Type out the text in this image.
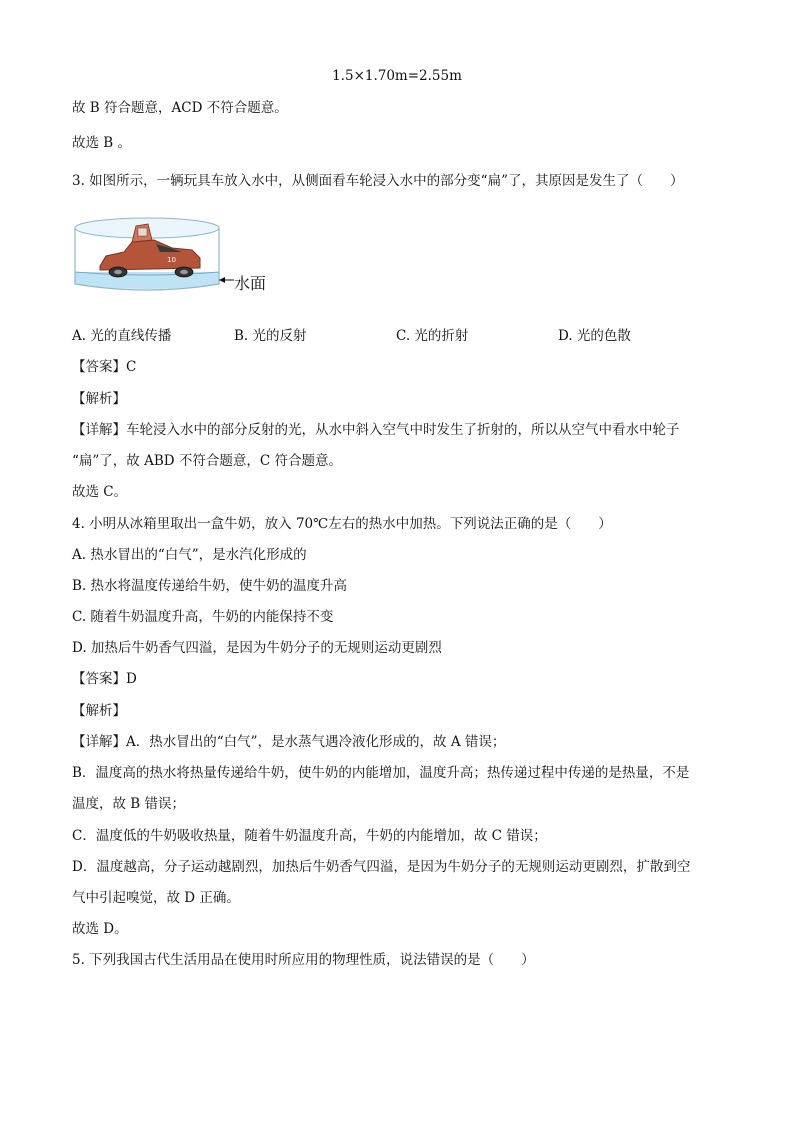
1.5×1.70m=2.55m
故 B 符合题意，ACD 不符合题意。
故选 B 。
3. 如图所示，一辆玩具车放入水中，从侧面看车轮浸入水中的部分变“扁”了，其原因是发生了（　　）
10
水面
A. 光的直线传播	B. 光的反射	C. 光的折射	D. 光的色散
【答案】C
【解析】
【详解】车轮浸入水中的部分反射的光，从水中斜入空气中时发生了折射的，所以从空气中看水中轮子
“扁”了，故 ABD 不符合题意，C 符合题意。
故选 C。
4. 小明从冰箱里取出一盒牛奶，放入 70℃左右的热水中加热。下列说法正确的是（　　）
A. 热水冒出的“白气”，是水汽化形成的
B. 热水将温度传递给牛奶，使牛奶的温度升高
C. 随着牛奶温度升高，牛奶的内能保持不变
D. 加热后牛奶香气四溢，是因为牛奶分子的无规则运动更剧烈
【答案】D
【解析】
【详解】A．热水冒出的“白气”，是水蒸气遇冷液化形成的，故 A 错误；
B．温度高的热水将热量传递给牛奶，使牛奶的内能增加，温度升高；热传递过程中传递的是热量，不是
温度，故 B 错误；
C．温度低的牛奶吸收热量，随着牛奶温度升高，牛奶的内能增加，故 C 错误；
D．温度越高，分子运动越剧烈，加热后牛奶香气四溢，是因为牛奶分子的无规则运动更剧烈，扩散到空
气中引起嗅觉，故 D 正确。
故选 D。
5. 下列我国古代生活用品在使用时所应用的物理性质，说法错误的是（　　）
